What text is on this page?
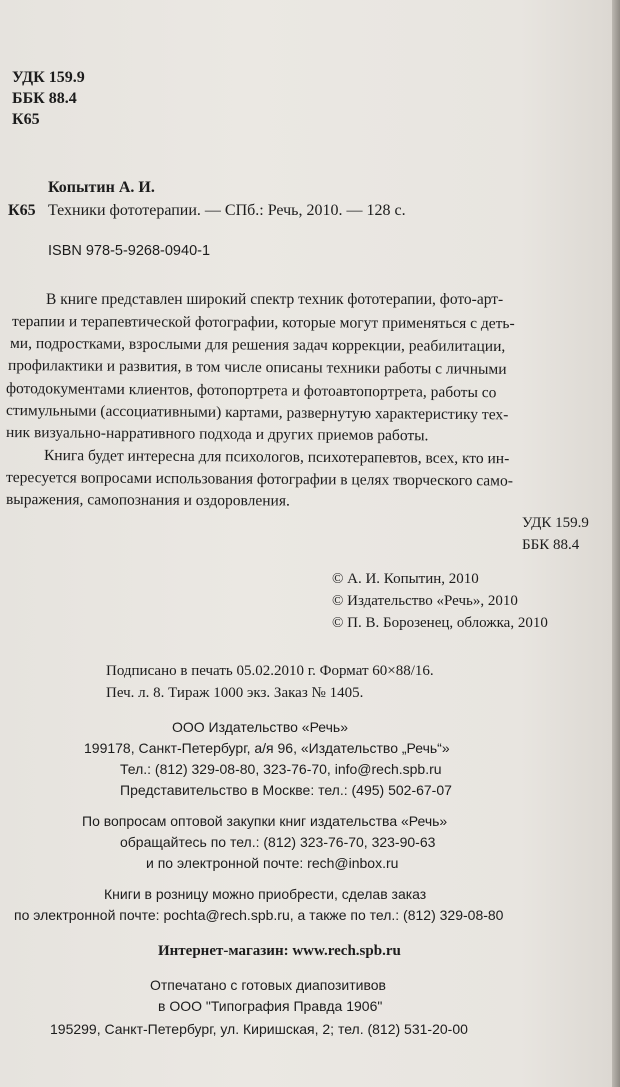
УДК 159.9
ББК 88.4
К65
Копытин А. И.
К65 Техники фототерапии. — СПб.: Речь, 2010. — 128 с.
ISBN 978-5-9268-0940-1
В книге представлен широкий спектр техник фототерапии, фото-арт-
терапии и терапевтической фотографии, которые могут применяться с деть-
ми, подростками, взрослыми для решения задач коррекции, реабилитации,
профилактики и развития, в том числе описаны техники работы с личными
фотодокументами клиентов, фотопортрета и фотоавтопортрета, работы со
стимульными (ассоциативными) картами, развернутую характеристику тех-
ник визуально-нарративного подхода и других приемов работы.
Книга будет интересна для психологов, психотерапевтов, всех, кто ин-
тересуется вопросами использования фотографии в целях творческого само-
выражения, самопознания и оздоровления.
УДК 159.9
ББК 88.4
© А. И. Копытин, 2010
© Издательство «Речь», 2010
© П. В. Борозенец, обложка, 2010
Подписано в печать 05.02.2010 г. Формат 60×88/16.
Печ. л. 8. Тираж 1000 экз. Заказ № 1405.
ООО Издательство «Речь»
199178, Санкт-Петербург, а/я 96, «Издательство „Речь“»
Тел.: (812) 329-08-80, 323-76-70, info@rech.spb.ru
Представительство в Москве: тел.: (495) 502-67-07
По вопросам оптовой закупки книг издательства «Речь»
обращайтесь по тел.: (812) 323-76-70, 323-90-63
и по электронной почте: rech@inbox.ru
Книги в розницу можно приобрести, сделав заказ
по электронной почте: pochta@rech.spb.ru, а также по тел.: (812) 329-08-80
Интернет-магазин: www.rech.spb.ru
Отпечатано с готовых диапозитивов
в ООО "Типография Правда 1906"
195299, Санкт-Петербург, ул. Киришская, 2; тел. (812) 531-20-00
